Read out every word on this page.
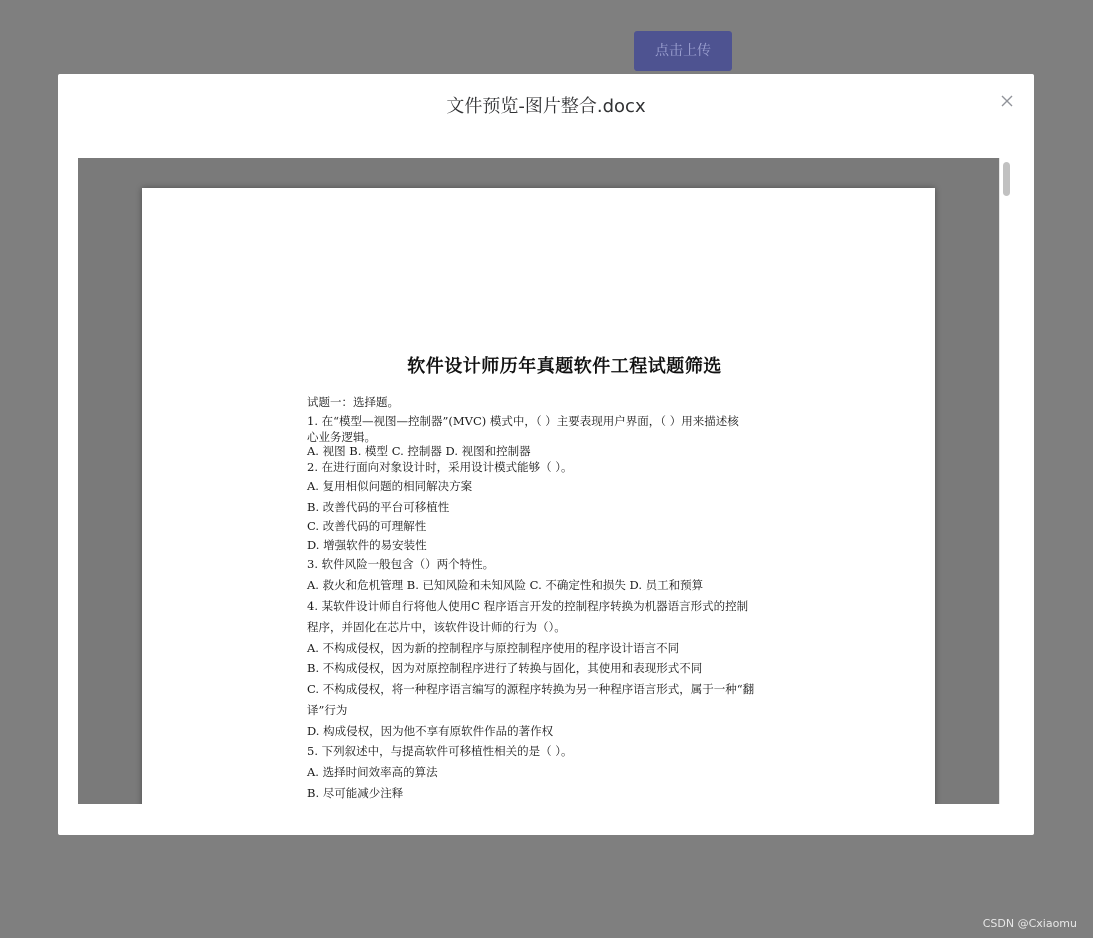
点击上传
文件预览-图片整合.docx
软件设计师历年真题软件工程试题筛选
试题一：选择题。
1. 在“模型—视图—控制器”(MVC) 模式中，（ ）主要表现用户界面，（ ）用来描述核
心业务逻辑。
A. 视图 B. 模型 C. 控制器 D. 视图和控制器
2. 在进行面向对象设计时，采用设计模式能够（ ）。
A. 复用相似问题的相同解决方案
B. 改善代码的平台可移植性
C. 改善代码的可理解性
D. 增强软件的易安装性
3. 软件风险一般包含（）两个特性。
A. 救火和危机管理 B. 已知风险和未知风险 C. 不确定性和损失 D. 员工和预算
4. 某软件设计师自行将他人使用C 程序语言开发的控制程序转换为机器语言形式的控制
程序，并固化在芯片中，该软件设计师的行为（）。
A. 不构成侵权，因为新的控制程序与原控制程序使用的程序设计语言不同
B. 不构成侵权，因为对原控制程序进行了转换与固化，其使用和表现形式不同
C. 不构成侵权，将一种程序语言编写的源程序转换为另一种程序语言形式，属于一种“翻
译”行为
D. 构成侵权，因为他不享有原软件作品的著作权
5. 下列叙述中，与提高软件可移植性相关的是（ ）。
A. 选择时间效率高的算法
B. 尽可能减少注释
CSDN @Cxiaomu
